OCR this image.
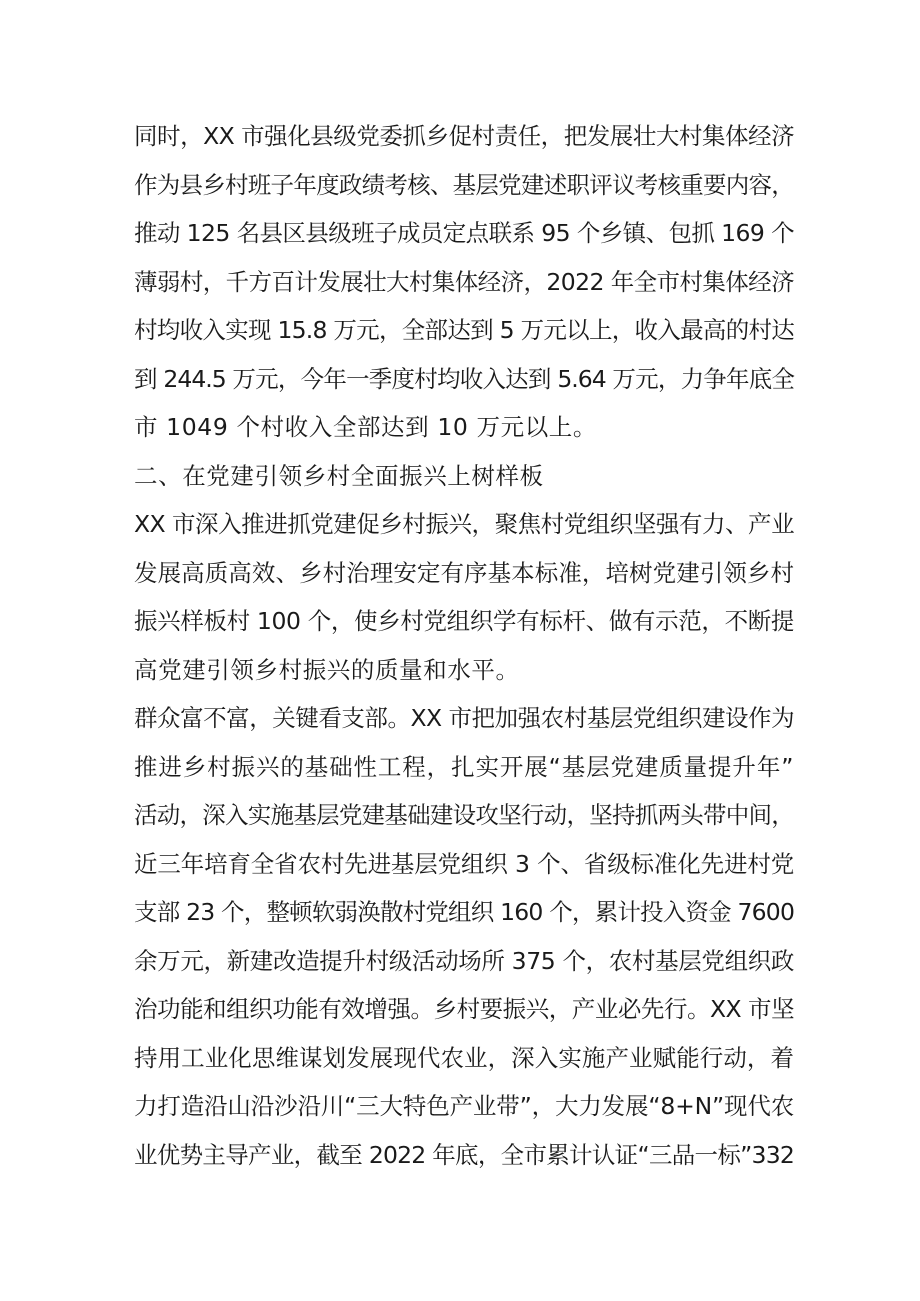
同时，XX 市强化县级党委抓乡促村责任，把发展壮大村集体经济
作为县乡村班子年度政绩考核、基层党建述职评议考核重要内容，
推动 125 名县区县级班子成员定点联系 95 个乡镇、包抓 169 个
薄弱村，千方百计发展壮大村集体经济，2022 年全市村集体经济
村均收入实现 15.8 万元，全部达到 5 万元以上，收入最高的村达
到 244.5 万元，今年一季度村均收入达到 5.64 万元，力争年底全
市 1049 个村收入全部达到 10 万元以上。
二、在党建引领乡村全面振兴上树样板
XX 市深入推进抓党建促乡村振兴，聚焦村党组织坚强有力、产业
发展高质高效、乡村治理安定有序基本标准，培树党建引领乡村
振兴样板村 100 个，使乡村党组织学有标杆、做有示范，不断提
高党建引领乡村振兴的质量和水平。
群众富不富，关键看支部。XX 市把加强农村基层党组织建设作为
推进乡村振兴的基础性工程，扎实开展“基层党建质量提升年”
活动，深入实施基层党建基础建设攻坚行动，坚持抓两头带中间，
近三年培育全省农村先进基层党组织 3 个、省级标准化先进村党
支部 23 个，整顿软弱涣散村党组织 160 个，累计投入资金 7600
余万元，新建改造提升村级活动场所 375 个，农村基层党组织政
治功能和组织功能有效增强。乡村要振兴，产业必先行。XX 市坚
持用工业化思维谋划发展现代农业，深入实施产业赋能行动，着
力打造沿山沿沙沿川“三大特色产业带”，大力发展“8+N”现代农
业优势主导产业，截至 2022 年底，全市累计认证“三品一标”332
